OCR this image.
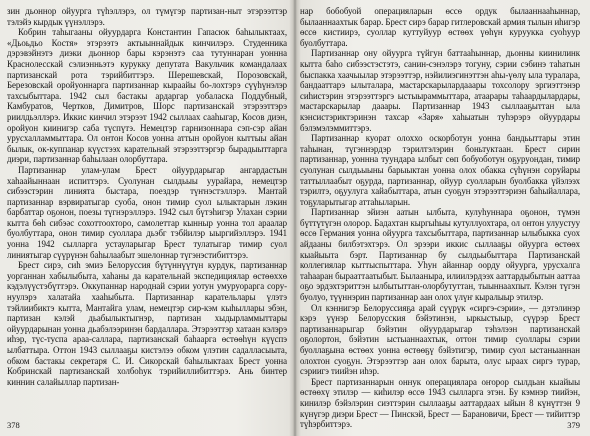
зин дьоннор ойуурга түһэллэрэ, ол түмүгэр партизан-ныт этэрээттэр тэлэйэ кырдык үүнэллэрэ.

Кобрин таһыгааны ойуурдарга Константин Гапасюк баһылыктаах, «Дьоьдьо Костя» этэрээтэ актыыннайдык кинчилэрэ. Студенника дэрэвэйнэтэ диэки дьоннор бары кэрэнэтэ саа тутуннаран уоннна Краснолесскай сэлиэнньэтэ курукку депутата Вакульчик командалаах партизанскай рота тэрийбиттэрэ. Шерешевскай, Порозовскай, Березовскай оройуоннарга партизаннар кыраайы бо-лохтэрэ сүүһүнэлэр тахсыбыттара. 1942 сыл бастакы ардаргар уобаласка Поддубный, Камбуратов, Чертков, Димитров, Шорс партизанскай этэрээттэрэ риилдьэллэрэ. Иккис кинчил этэрээт 1942 сыллаах сааһыгар, Косов диэн, оройуон киинигэр саба түспүтэ. Немецтэр гарнизоннара сэп-сэр айан урусхалламмыттара. Ол онтон Косов уонна аттын оройуон кыттыы айан былык, ок-куппанар күүстээх карательнай этэрээттэргэр бырадыыттарга диэри, партизаннар баһылаан олорбуттара.

Партизаннар улам-улам Брест ойуурдарыгар ангардастын хаһаайыннаан испиттэрэ. Суолунан сылдьыы уурайара, немецтэр сибээстэрин линията быстара, поездэр түҥнэстэллэрэ. Мантай партизаннар вэрвиратыгар суоба, онон тимир суол ылыктарын лэкин барбаттар оҕонон, поезы түгнэрэллэрэ. 1942 сыл бүтэһигэр Улахан сэрии кытта бөһ сибэәс сохоттоохторо, самолеттар кынныр уонна тол араалар буолбуттара, онон тимир суоллара дьэбг тэбйилэр ыыргийэллэрэ. 1941 уонна 1942 сылларга устауларыгар Брест тулатыгар тимир суол линиятыгар сүүрүнэн баһылаабыт эшелоннар түгэнэстибиттэрэ.

Брест сирэ, сиһ эмиэ Белоруссия бүтүннүүтүн курдук, партизаннар уорганнан хабылыбыта, хаһаны да карательнай экспедициялар өстөөххө кэдэлүүстэбүттэрэ. Оккупаннар народнай сэрии уотун умуруорарга сору-нуулэрэ халатайа хааһыбыта. Партизаннар карательлары үлэтэ тэйлиибиктэ кытта, Мантайга улам, немецтэр сир-кэм кыһыллары эбэн, партизан кэлэй дьабылыктыгнэр, партизан хыдырламмыттары ойуурдарынан уонна дьабэлээринэн бардаллара. Этэрээттэр хатаан кэлэрэ иһэр, түс-туспа араа-саллара, партизанскай баһаарга өстөөһүн күүспэ ылбаттыра. Оттон 1943 сыллааҕы кистэлээ обком үлэтин садалласыыта, обком бастакы секретаря С. И. Сикорскай баһылыктаах Брест уонна Кобринскай партизанскай холбоһук тэрийиллибиттэрэ. Ань бинтер киннин салайыллар партизан-

378

нар бобобуой операцияларын өссө ордук былааннааһыннар, былааннаахтык барар. Брест сирэ барар гитлеровскай армия тылын иһигэр өссө кистиирэ, суоллар куттуйуур өстөөх үөһүн куруукка суоһуур буолбуттара.

Партизаннар ону ойуурга түйгун баттааһыннар, дьонны киинилинк кытта баһо сибээстэстэтэ, санин-сэнэлэрэ тогуну, сэрии сэбинэ таһатын быспакка хаачыылар этэрээттэр, нэйилиэгинэттэн аһы-үөлү ыла туралара, бандааттарэ ылыталара, мастарскарылардааары тохсолору эргиэттэнэр сиһистэрин этэрээттэргэ ыстыыраммыттара, атаарары таһаардылардары, мастарскарылар дааары. Партизаннар 1943 сыллааҕыттан ыла кэнсистэриктэринэн тахсар «Заря» хаһыатын туһэрэрэ ойуурдары бэлэмэлэммиттэрэ.

Партизаннар куорат олоххо оскорботун уонна бандьыттары этин таһынан, түгэннэрдэр тэрилтэлэрин боньтуктаан. Брест сирин партизаннар, уоннна туундара ылбыт сөп бобуоботун оҕуруондан, тимир суолунан сылдьыыны барыыктан уонна олох обакка сүһүнэн соруйары таттыллаабыт оҕурда, партизаннар, ойуур суолларын буолбакка үйэлээх тэрилтэ, оҕуулуга хайабыттара, атын суоҕун этэрээттэриэн баһыйаллара, тоҕуларытыгар аттаһыларын.

Партизаннар эйиэн аатын ылбыта, кулуһуннара оҕонон, түмэн бүттүтүгэн олорор. Бадахтан кыргыһыы кутуллуохтара, ол онтон улуустуу өссө Германия уонна ойуурга тахсыбыттара, партизаннар ылыбыкка суох айдааны билбэтэхтэрэ. Ол эрээри иккис сыллааҕы ойуурга өстөөх кыайыыта бэрт. Партизаннар бу сылдьыбыттара Партизанскай коллегиялар кыттыспыттара. Уһун айаннар оорду ойуурга, урусхалга таһааран бырааттаатыбыт. Былааныра, илиилэрдээх ааттардыбытын ааттаа оҕо эрдэхтэриттэн ылбытыттан-олорбутуттан, тыыннаахпыт. Кэлэн түгэн буолуо, түүннэрин партизаннар аан олох үлүҥ кыралыыр этилэр.

Ол кэннигэр Белоруссияҕа арай сүүрүк «сиргэ-сэрии», — дэтэлинэр кэрэ үүнэр Белорусския бэйэтинэн, ыркыстыыр, сүүрэр Брест партизаннарыгар бэйэтин ойуурдарыгар тэһэлээн партизанскай оҕолортон, бэйэтин ыстыаннаахтык, оттон тимир суоллары сэрии буоллаҕына өстөөх уонна өстөөҕү бэйэтигэр, тимир суол ыстаныаннан олохтон суоҕун. Этэрээттэр аан олох барыта, олус ыраах сиргэ турар, сэриигэ тиийэн иһэр.

Брест партизаннарын оннук операциялара оҥорор сылдьан кыайыы өстөөхү этилэр — киһилэр өссө 1943 сылларга этэн. Бу кэмнэр тиийэн, кинилэр бэйэлэрин сиэттэрин сыллааҕы ааттардаах ыйын 8 күнүттэн 9 күнүгэр диэри Брест — Пинскэй, Брест — Барановичи, Брест — тийиттэр түһэрбиттэрэ.	379
